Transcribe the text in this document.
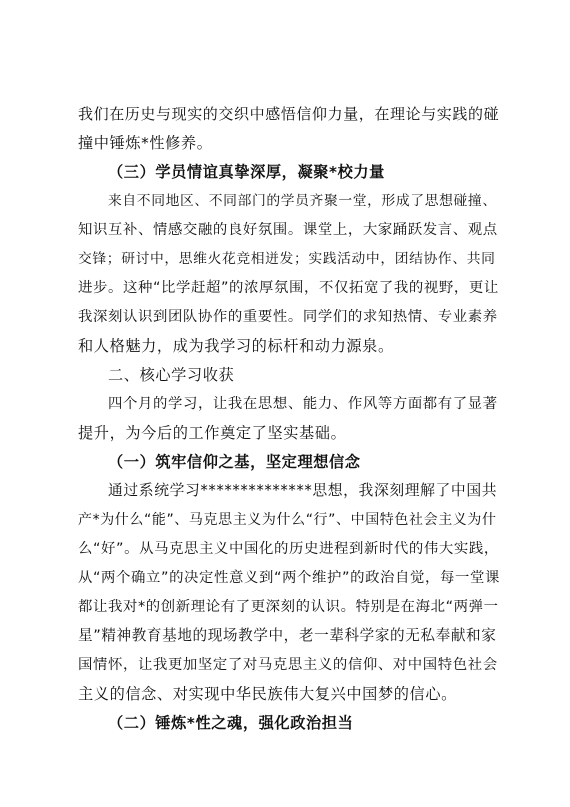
我们在历史与现实的交织中感悟信仰力量，在理论与实践的碰
撞中锤炼*性修养。
（三）学员情谊真挚深厚，凝聚*校力量
来自不同地区、不同部门的学员齐聚一堂，形成了思想碰撞、
知识互补、情感交融的良好氛围。课堂上，大家踊跃发言、观点
交锋；研讨中，思维火花竞相迸发；实践活动中，团结协作、共同
进步。这种“比学赶超”的浓厚氛围，不仅拓宽了我的视野，更让
我深刻认识到团队协作的重要性。同学们的求知热情、专业素养
和人格魅力，成为我学习的标杆和动力源泉。
二、核心学习收获
四个月的学习，让我在思想、能力、作风等方面都有了显著
提升，为今后的工作奠定了坚实基础。
（一）筑牢信仰之基，坚定理想信念
通过系统学习**************思想，我深刻理解了中国共
产*为什么“能”、马克思主义为什么“行”、中国特色社会主义为什
么“好”。从马克思主义中国化的历史进程到新时代的伟大实践，
从“两个确立”的决定性意义到“两个维护”的政治自觉，每一堂课
都让我对*的创新理论有了更深刻的认识。特别是在海北“两弹一
星”精神教育基地的现场教学中，老一辈科学家的无私奉献和家
国情怀，让我更加坚定了对马克思主义的信仰、对中国特色社会
主义的信念、对实现中华民族伟大复兴中国梦的信心。
（二）锤炼*性之魂，强化政治担当
